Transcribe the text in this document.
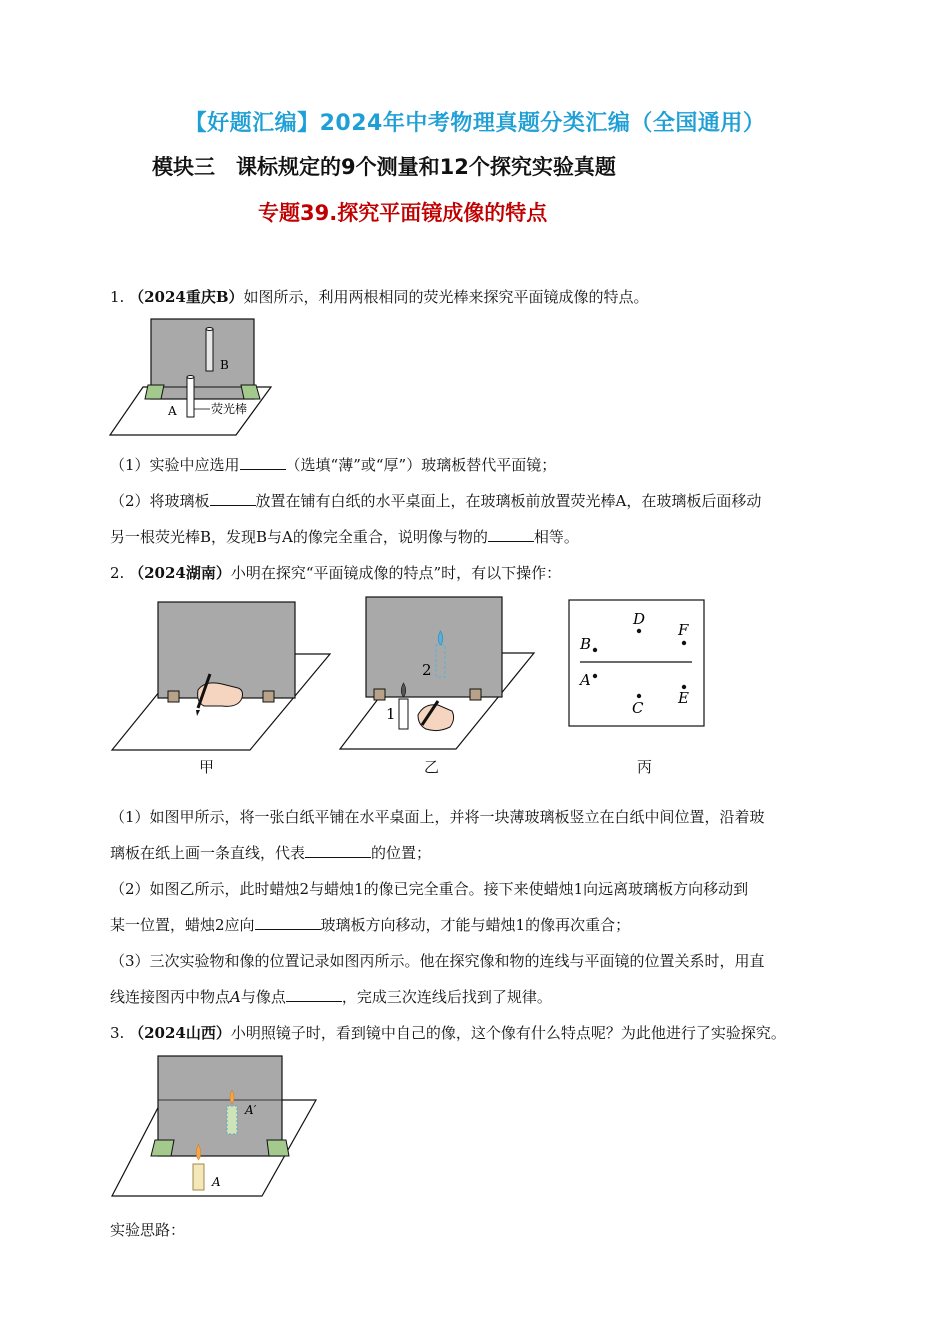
【好题汇编】2024年中考物理真题分类汇编（全国通用）
模块三　课标规定的9个测量和12个探究实验真题
专题39.探究平面镜成像的特点
1. （2024重庆B）如图所示，利用两根相同的荧光棒来探究平面镜成像的特点。
B
A	荧光棒
（1）实验中应选用	（选填“薄”或“厚”）玻璃板替代平面镜；
（2）将玻璃板	放置在铺有白纸的水平桌面上，在玻璃板前放置荧光棒A，在玻璃板后面移动
另一根荧光棒B，发现B与A的像完全重合，说明像与物的	相等。
2. （2024湖南）小明在探究“平面镜成像的特点”时，有以下操作：
甲
1
2
乙
D
F
B
A
C
E
丙
（1）如图甲所示，将一张白纸平铺在水平桌面上，并将一块薄玻璃板竖立在白纸中间位置，沿着玻
璃板在纸上画一条直线，代表	的位置；
（2）如图乙所示，此时蜡烛2与蜡烛1的像已完全重合。接下来使蜡烛1向远离玻璃板方向移动到
某一位置，蜡烛2应向	玻璃板方向移动，才能与蜡烛1的像再次重合；
（3）三次实验物和像的位置记录如图丙所示。他在探究像和物的连线与平面镜的位置关系时，用直
线连接图丙中物点A与像点	，完成三次连线后找到了规律。
3. （2024山西）小明照镜子时，看到镜中自己的像，这个像有什么特点呢？为此他进行了实验探究。
A′
A
实验思路：
